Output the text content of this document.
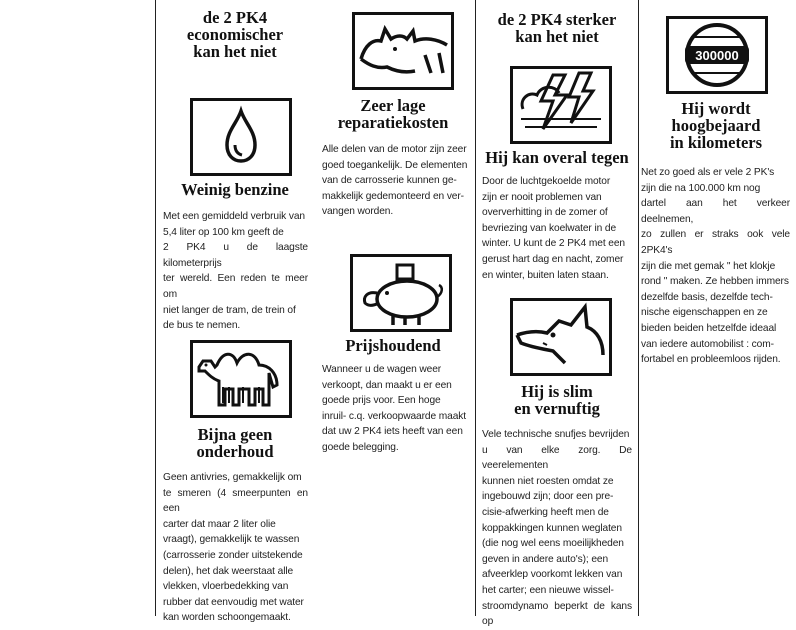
de 2 PK4
economischer
kan het niet
Weinig benzine
Met een gemiddeld verbruik van
5,4 liter op 100 km geeft de
2 PK4 u de laagste kilometerprijs
ter wereld. Een reden te meer om
niet langer de tram, de trein of
de bus te nemen.
Bijna geen
onderhoud
Geen antivries, gemakkelijk om
te smeren (4 smeerpunten en een
carter dat maar 2 liter olie
vraagt), gemakkelijk te wassen
(carrosserie zonder uitstekende
delen), het dak weerstaat alle
vlekken, vloerbedekking van
rubber dat eenvoudig met water
kan worden schoongemaakt.
Zeer lage
reparatiekosten
Alle delen van de motor zijn zeer
goed toegankelijk. De elementen
van de carrosserie kunnen ge-
makkelijk gedemonteerd en ver-
vangen worden.
Prijshoudend
Wanneer u de wagen weer
verkoopt, dan maakt u er een
goede prijs voor. Een hoge
inruil- c.q. verkoopwaarde maakt
dat uw 2 PK4 iets heeft van een
goede belegging.
de 2 PK4 sterker
kan het niet
Hij kan overal tegen
Door de luchtgekoelde motor
zijn er nooit problemen van
oververhitting in de zomer of
bevriezing van koelwater in de
winter. U kunt de 2 PK4 met een
gerust hart dag en nacht, zomer
en winter, buiten laten staan.
Hij is slim
en vernuftig
Vele technische snufjes bevrijden
u van elke zorg. De veerelementen
kunnen niet roesten omdat ze
ingebouwd zijn; door een pre-
cisie-afwerking heeft men de
koppakkingen kunnen weglaten
(die nog wel eens moeilijkheden
geven in andere auto's); een
afveerklep voorkomt lekken van
het carter; een nieuwe wissel-
stroomdynamo beperkt de kans op
300000
Hij wordt
hoogbejaard
in kilometers
Net zo goed als er vele 2 PK's
zijn die na 100.000 km nog
dartel aan het verkeer deelnemen,
zo zullen er straks ook vele 2PK4's
zijn die met gemak " het klokje
rond " maken. Ze hebben immers
dezelfde basis, dezelfde tech-
nische eigenschappen en ze
bieden beiden hetzelfde ideaal
van iedere automobilist : com-
fortabel en probleemloos rijden.
